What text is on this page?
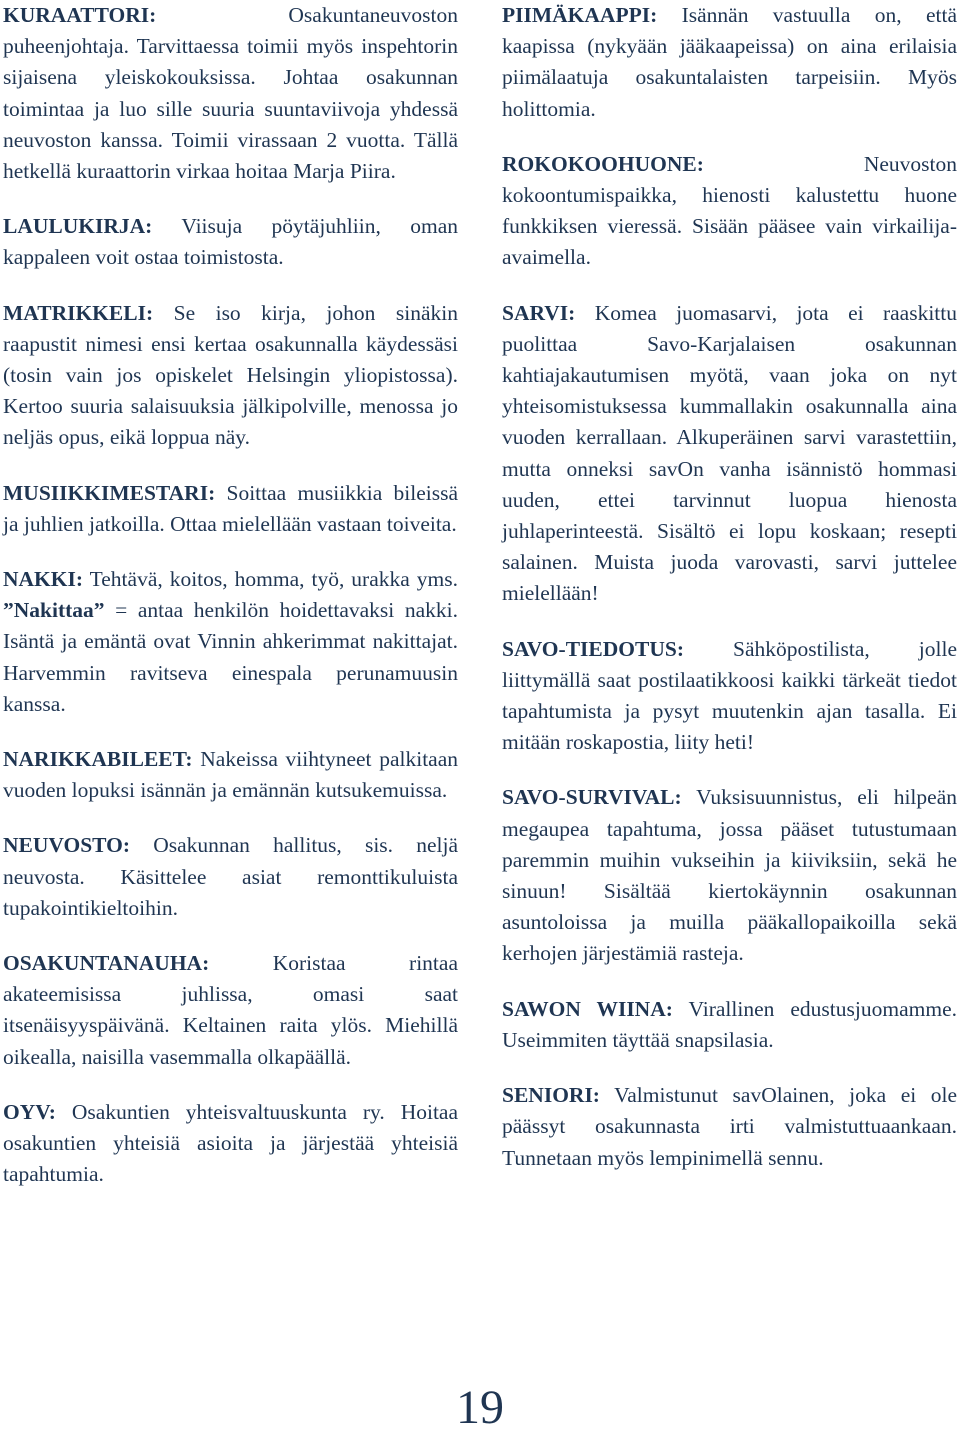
KURAATTORI:	Osakuntaneuvoston puheenjohtaja. Tarvittaessa toimii myös inspehtorin sijaisena yleiskokouksissa. Johtaa osakunnan toimintaa ja luo sille suuria suuntaviivoja yhdessä neuvoston kanssa. Toimii virassaan 2 vuotta. Tällä hetkellä kuraattorin virkaa hoitaa Marja Piira.

LAULUKIRJA: Viisuja pöytäjuhliin, oman kappaleen voit ostaa toimistosta.

MATRIKKELI: Se iso kirja, johon sinäkin raapustit nimesi ensi kertaa osakunnalla käydessäsi (tosin vain jos opiskelet Helsingin yliopistossa). Kertoo suuria salaisuuksia jälkipolville, menossa jo neljäs opus, eikä loppua näy.

MUSIIKKIMESTARI: Soittaa musiikkia bileissä ja juhlien jatkoilla. Ottaa mielellään vastaan toiveita.

NAKKI: Tehtävä, koitos, homma, työ, urakka yms. ”Nakittaa” = antaa henkilön hoidettavaksi nakki. Isäntä ja emäntä ovat Vinnin ahkerimmat nakittajat. Harvemmin ravitseva einespala perunamuusin kanssa.

NARIKKABILEET: Nakeissa viihtyneet palkitaan vuoden lopuksi isännän ja emännän kutsukemuissa.

NEUVOSTO: Osakunnan hallitus, sis. neljä neuvosta. Käsittelee asiat remonttikuluista tupakointikieltoihin.

OSAKUNTANAUHA:	Koristaa rintaa akateemisissa juhlissa, omasi saat itsenäisyyspäivänä. Keltainen raita ylös. Miehillä oikealla, naisilla vasemmalla olkapäällä.

OYV: Osakuntien yhteisvaltuuskunta ry. Hoitaa osakuntien yhteisiä asioita ja järjestää yhteisiä tapahtumia.

PIIMÄKAAPPI: Isännän vastuulla on, että kaapissa (nykyään jääkaapeissa) on aina erilaisia piimälaatuja osakuntalaisten tarpeisiin. Myös holittomia.

ROKOKOOHUONE:	Neuvoston kokoontumispaikka, hienosti kalustettu huone funkkiksen vieressä. Sisään pääsee vain virkailija-avaimella.

SARVI: Komea juomasarvi, jota ei raaskittu puolittaa Savo-Karjalaisen osakunnan kahtiajakautumisen myötä, vaan joka on nyt yhteisomistuksessa kummallakin osakunnalla aina vuoden kerrallaan. Alkuperäinen sarvi varastettiin, mutta onneksi savOn vanha isännistö hommasi uuden, ettei tarvinnut luopua hienosta juhlaperinteestä. Sisältö ei lopu koskaan; resepti salainen. Muista juoda varovasti, sarvi juttelee mielellään!

SAVO-TIEDOTUS: Sähköpostilista, jolle liittymällä saat postilaatikkoosi kaikki tärkeät tiedot tapahtumista ja pysyt muutenkin ajan tasalla. Ei mitään roskapostia, liity heti!

SAVO-SURVIVAL: Vuksisuunnistus, eli hilpeän megaupea tapahtuma, jossa pääset tutustumaan paremmin muihin vukseihin ja kiiviksiin, sekä he sinuun! Sisältää kiertokäynnin osakunnan asuntoloissa ja muilla pääkallopaikoilla sekä kerhojen järjestämiä rasteja.

SAWON WIINA: Virallinen edustusjuomamme. Useimmiten täyttää snapsilasia.

SENIORI: Valmistunut savOlainen, joka ei ole päässyt osakunnasta irti valmistuttuaankaan. Tunnetaan myös lempinimellä sennu.

19
